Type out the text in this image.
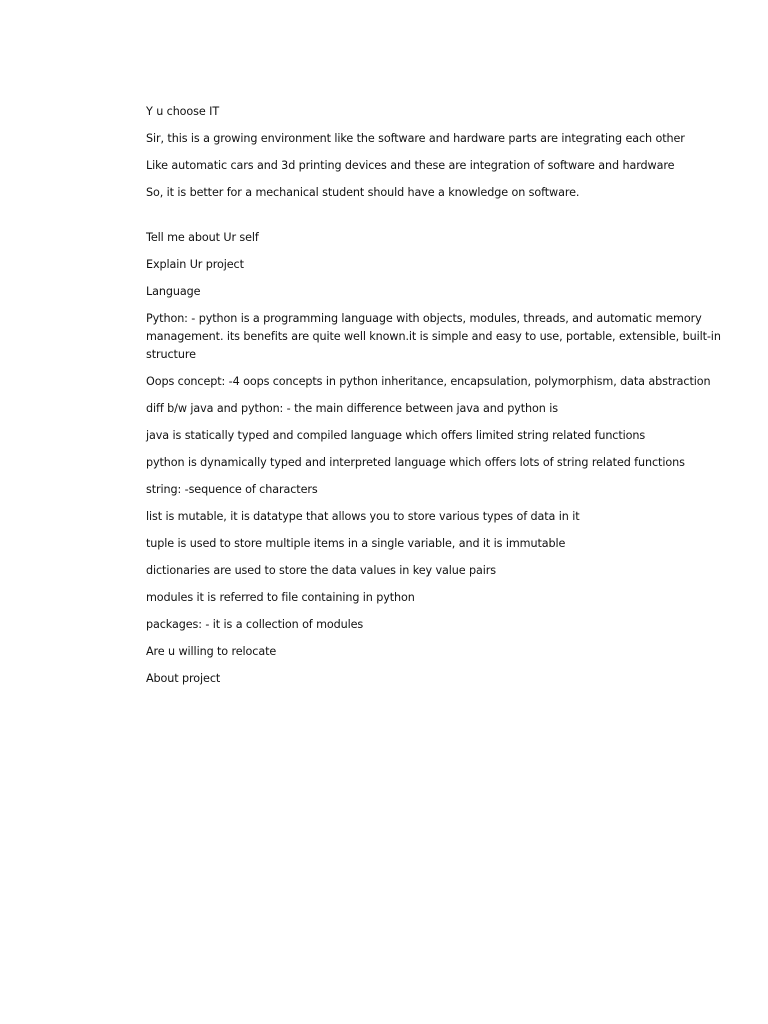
Y u choose IT

Sir, this is a growing environment like the software and hardware parts are integrating each other

Like automatic cars and 3d printing devices and these are integration of software and hardware

So, it is better for a mechanical student should have a knowledge on software.

Tell me about Ur self

Explain Ur project

Language

Python: - python is a programming language with objects, modules, threads, and automatic memory management. its benefits are quite well known.it is simple and easy to use, portable, extensible, built-in structure

Oops concept: -4 oops concepts in python inheritance, encapsulation, polymorphism, data abstraction

diff b/w java and python: - the main difference between java and python is

java is statically typed and compiled language which offers limited string related functions

python is dynamically typed and interpreted language which offers lots of string related functions

string: -sequence of characters

list is mutable, it is datatype that allows you to store various types of data in it

tuple is used to store multiple items in a single variable, and it is immutable

dictionaries are used to store the data values in key value pairs

modules it is referred to file containing in python

packages: - it is a collection of modules

Are u willing to relocate

About project
